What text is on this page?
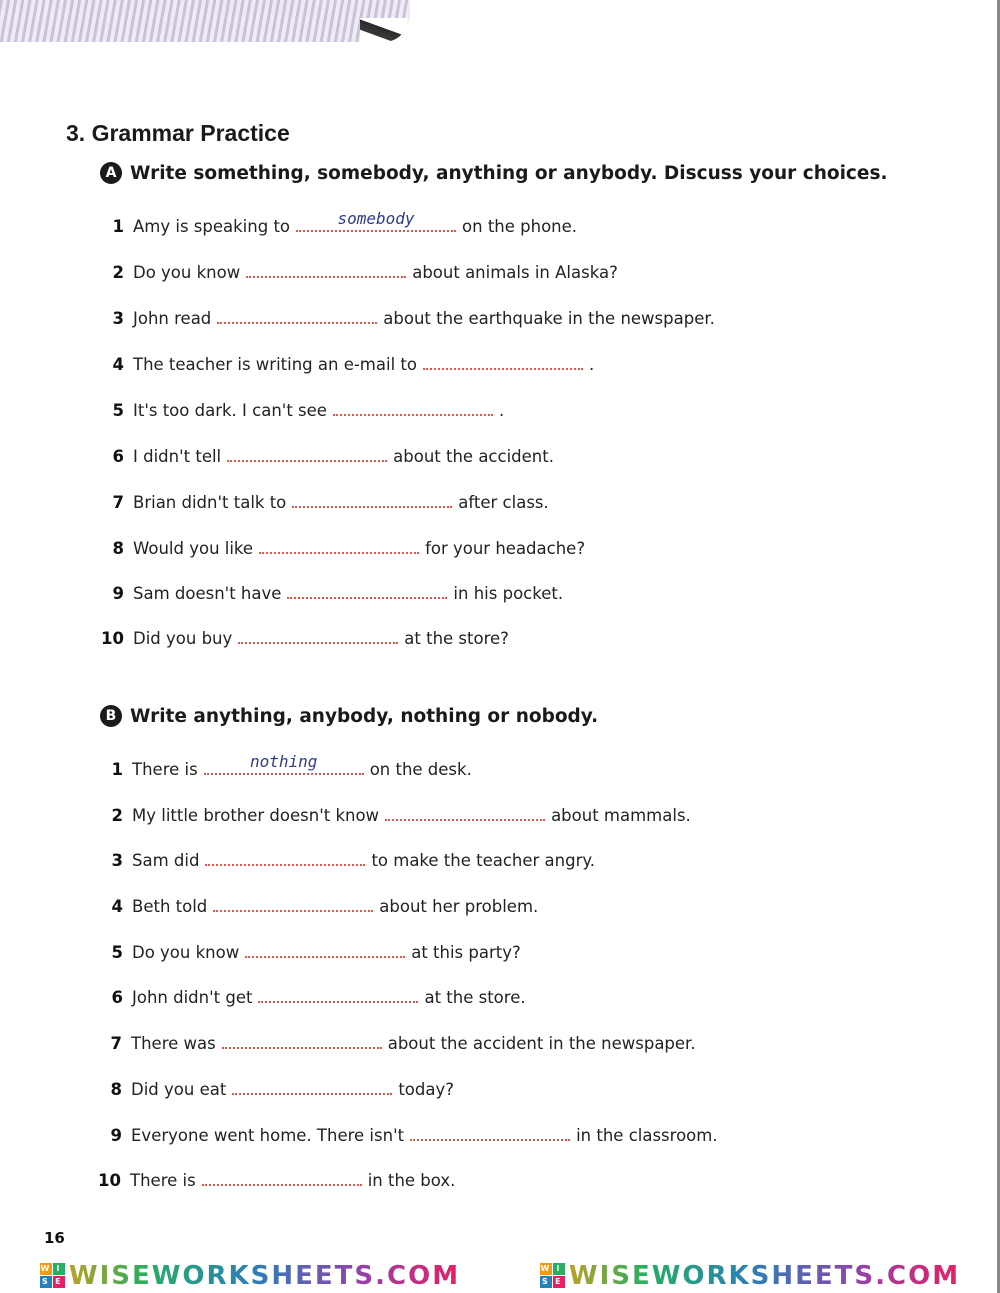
3. Grammar Practice
A Write something, somebody, anything or anybody. Discuss your choices.
1 Amy is speaking to	somebody	on the phone.
2 Do you know	about animals in Alaska?
3 John read	about the earthquake in the newspaper.
4 The teacher is writing an e-mail to	.
5 It's too dark. I can't see	.
6 I didn't tell	about the accident.
7 Brian didn't talk to	after class.
8 Would you like	for your headache?
9 Sam doesn't have	in his pocket.
10 Did you buy	at the store?
B Write anything, anybody, nothing or nobody.
1 There is	nothing	on the desk.
2 My little brother doesn't know	about mammals.
3 Sam did	to make the teacher angry.
4 Beth told	about her problem.
5 Do you know	at this party?
6 John didn't get	at the store.
7 There was	about the accident in the newspaper.
8 Did you eat	today?
9 Everyone went home. There isn't	in the classroom.
10 There is	in the box.
16
W I
S E WISEWORKSHEETS.COM	W I
S E WISEWORKSHEETS.COM
